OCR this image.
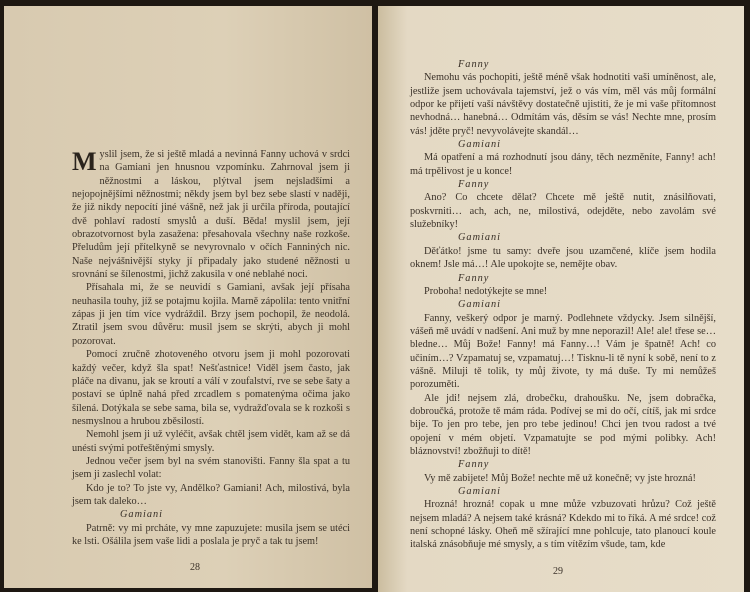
Myslil jsem, že si ještě mladá a nevinná Fanny uchová v srdci na Gamiani jen hnusnou vzpomínku. Zahrnoval jsem ji něžnostmi a láskou, plýtval jsem nejsladšími a nejopojnějšími něžnostmi; někdy jsem byl bez sebe slastí v naději, že již nikdy nepocítí jiné vášně, než jak ji určila příroda, poutající dvě pohlaví radostí smyslů a duší. Běda! myslil jsem, její obrazotvornost byla zasažena: přesahovala všechny naše rozkoše. Přeludům její přítelkyně se nevyrovnalo v očích Fanniných nic. Naše nejvášnivější styky jí připadaly jako studené něžnosti u srovnání se šílenostmi, jichž zakusila v oné neblahé noci.

Přísahala mi, že se neuvidí s Gamiani, avšak její přísaha neuhasila touhy, jíž se potajmu kojila. Marně zápolila: tento vnitřní zápas ji jen tím více vydráždil. Brzy jsem pochopil, že neodolá. Ztratil jsem svou důvěru: musil jsem se skrýti, abych ji mohl pozorovat.

Pomocí zručně zhotoveného otvoru jsem ji mohl pozorovati každý večer, když šla spat! Nešťastnice! Viděl jsem často, jak pláče na divanu, jak se kroutí a válí v zoufalství, rve se sebe šaty a postaví se úplně nahá před zrcadlem s pomatenýma očima jako šílená. Dotýkala se sebe sama, bila se, vydražďovala se k rozkoši s nesmyslnou a hrubou zběsilostí.

Nemohl jsem ji už vyléčit, avšak chtěl jsem vidět, kam až se dá unésti svými potřeštěnými smysly.

Jednou večer jsem byl na svém stanovišti. Fanny šla spat a tu jsem ji zaslechl volat:

Kdo je to? To jste vy, Andělko? Gamiani! Ach, milostivá, byla jsem tak daleko…

Gamiani

Patrně: vy mi prcháte, vy mne zapuzujete: musila jsem se utéci ke lsti. Ošálila jsem vaše lidi a poslala je pryč a tak tu jsem!

28

Fanny

Nemohu vás pochopiti, ještě méně však hodnotiti vaši umíněnost, ale, jestliže jsem uchovávala tajemství, jež o vás vím, měl vás můj formální odpor ke přijetí vaší návštěvy dostatečně ujistiti, že je mi vaše přítomnost nevhodná… hanebná… Odmítám vás, děsím se vás! Nechte mne, prosím vás! jděte pryč! nevyvolávejte skandál…

Gamiani

Má opatření a má rozhodnutí jsou dány, těch nezměníte, Fanny! ach! má trpělivost je u konce!

Fanny

Ano? Co chcete dělat? Chcete mě ještě nutit, znásilňovati, poskvrniti… ach, ach, ne, milostivá, odejděte, nebo zavolám své služebníky!

Gamiani

Děťátko! jsme tu samy: dveře jsou uzamčené, klíče jsem hodila oknem! Jsle má…! Ale upokojte se, nemějte obav.

Fanny

Proboha! nedotýkejte se mne!

Gamiani

Fanny, veškerý odpor je marný. Podlehnete vždycky. Jsem silnější, vášeň mě uvádí v nadšení. Ani muž by mne neporazil! Ale! ale! třese se… bledne… Můj Bože! Fanny! má Fanny…! Vám je špatně! Ach! co učiním…? Vzpamatuj se, vzpamatuj…! Tisknu-li tě nyní k sobě, není to z vášně. Miluji tě tolik, ty můj živote, ty má duše. Ty mi nemůžeš porozuměti.

Ale jdi! nejsem zlá, drobečku, drahoušku. Ne, jsem dobračka, dobroučká, protože tě mám ráda. Podívej se mi do očí, cítíš, jak mi srdce bije. To jen pro tebe, jen pro tebe jedinou! Chci jen tvou radost a tvé opojení v mém objetí. Vzpamatujte se pod mými polibky. Ach! bláznovství! zbožňuji to dítě!

Fanny

Vy mě zabijete! Můj Bože! nechte mě už konečně; vy jste hrozná!

Gamiani

Hrozná! hrozná! copak u mne může vzbuzovati hrůzu? Což ještě nejsem mladá? A nejsem také krásná? Kdekdo mi to říká. A mé srdce! což není schopné lásky. Oheň mě sžírající mne pohlcuje, tato planoucí koule italská znásobňuje mé smysly, a s tím vítězím všude, tam, kde

29
